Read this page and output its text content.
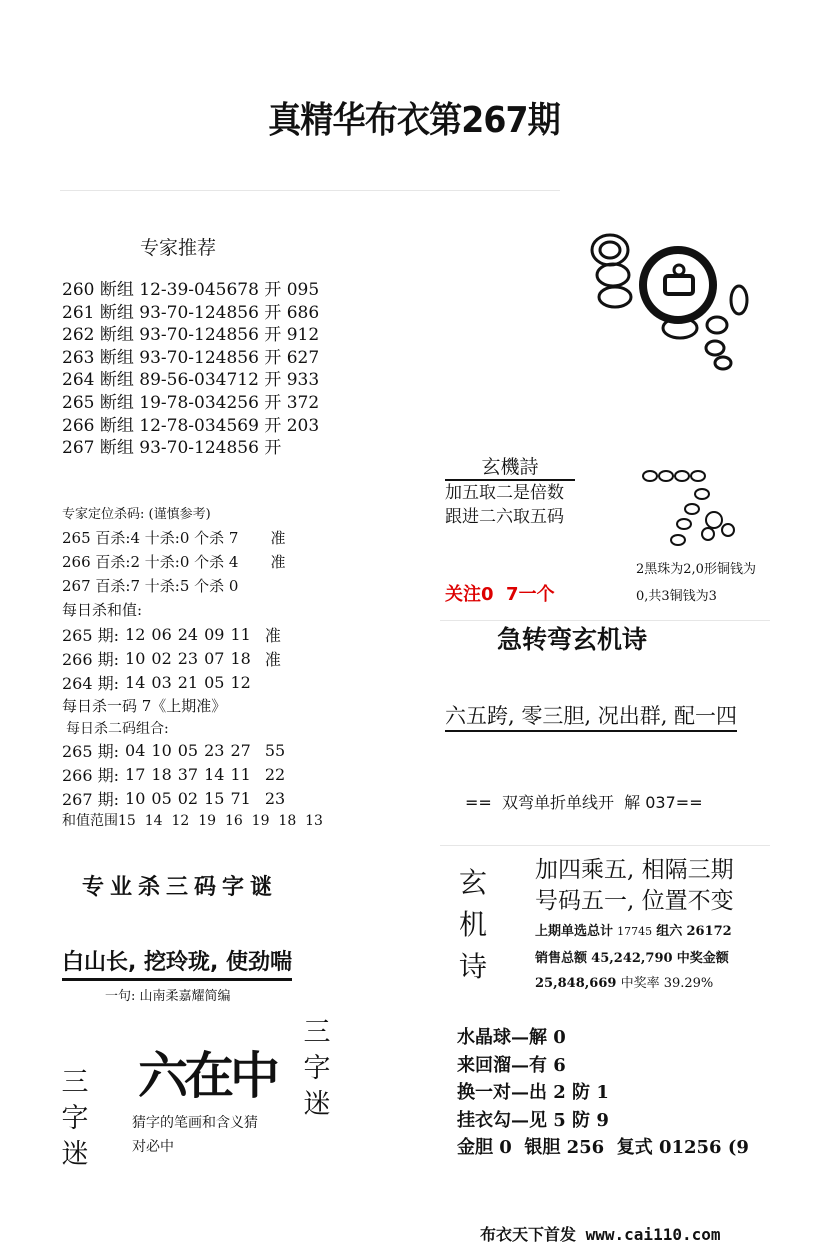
真精华布衣第267期
专家推荐
260 断组 12-39-045678 开 095
261 断组 93-70-124856 开 686
262 断组 93-70-124856 开 912
263 断组 93-70-124856 开 627
264 断组 89-56-034712 开 933
265 断组 19-78-034256 开 372
266 断组 12-78-034569 开 203
267 断组 93-70-124856 开
专家定位杀码: (谨慎参考)
265 百杀:4 十杀:0 个杀 7 准
266 百杀:2 十杀:0 个杀 4 准
267 百杀:7 十杀:5 个杀 0
每日杀和值:
265 期:	12	06	24	09	11	准
266 期:	10	02	23	07	18	准
264 期:	14	03	21	05	12	
每日杀一码 7《上期准》
每日杀二码组合:
265 期:	04	10	05	23	27	55
266 期:	17	18	37	14	11	22
267 期:	10	05	02	15	71	23
和值范围15 14 12 19 16 19 18 13
专业杀三码字谜
白山长, 挖玲珑, 使劲喘
一句: 山南柔嘉耀简编
三字迷
三字迷
六在中
猜字的笔画和含义猜
对必中
玄機詩
加五取二是倍数
跟进二六取五码
2黑珠为2,0形铜钱为
0,共3铜钱为3
关注0  7一个
急转弯玄机诗
六五跨, 零三胆, 况出群, 配一四
==  双弯单折单线开  解 037==
玄机诗
加四乘五, 相隔三期
号码五一, 位置不变
上期单选总计 17745 组六 26172
销售总额 45,242,790 中奖金额
25,848,669 中奖率 39.29%
水晶球—解 0
来回溜—有 6
换一对—出 2 防 1
挂衣勾—见 5 防 9
金胆 0  银胆 256  复式 01256 (9
布衣天下首发 www.cai110.com
